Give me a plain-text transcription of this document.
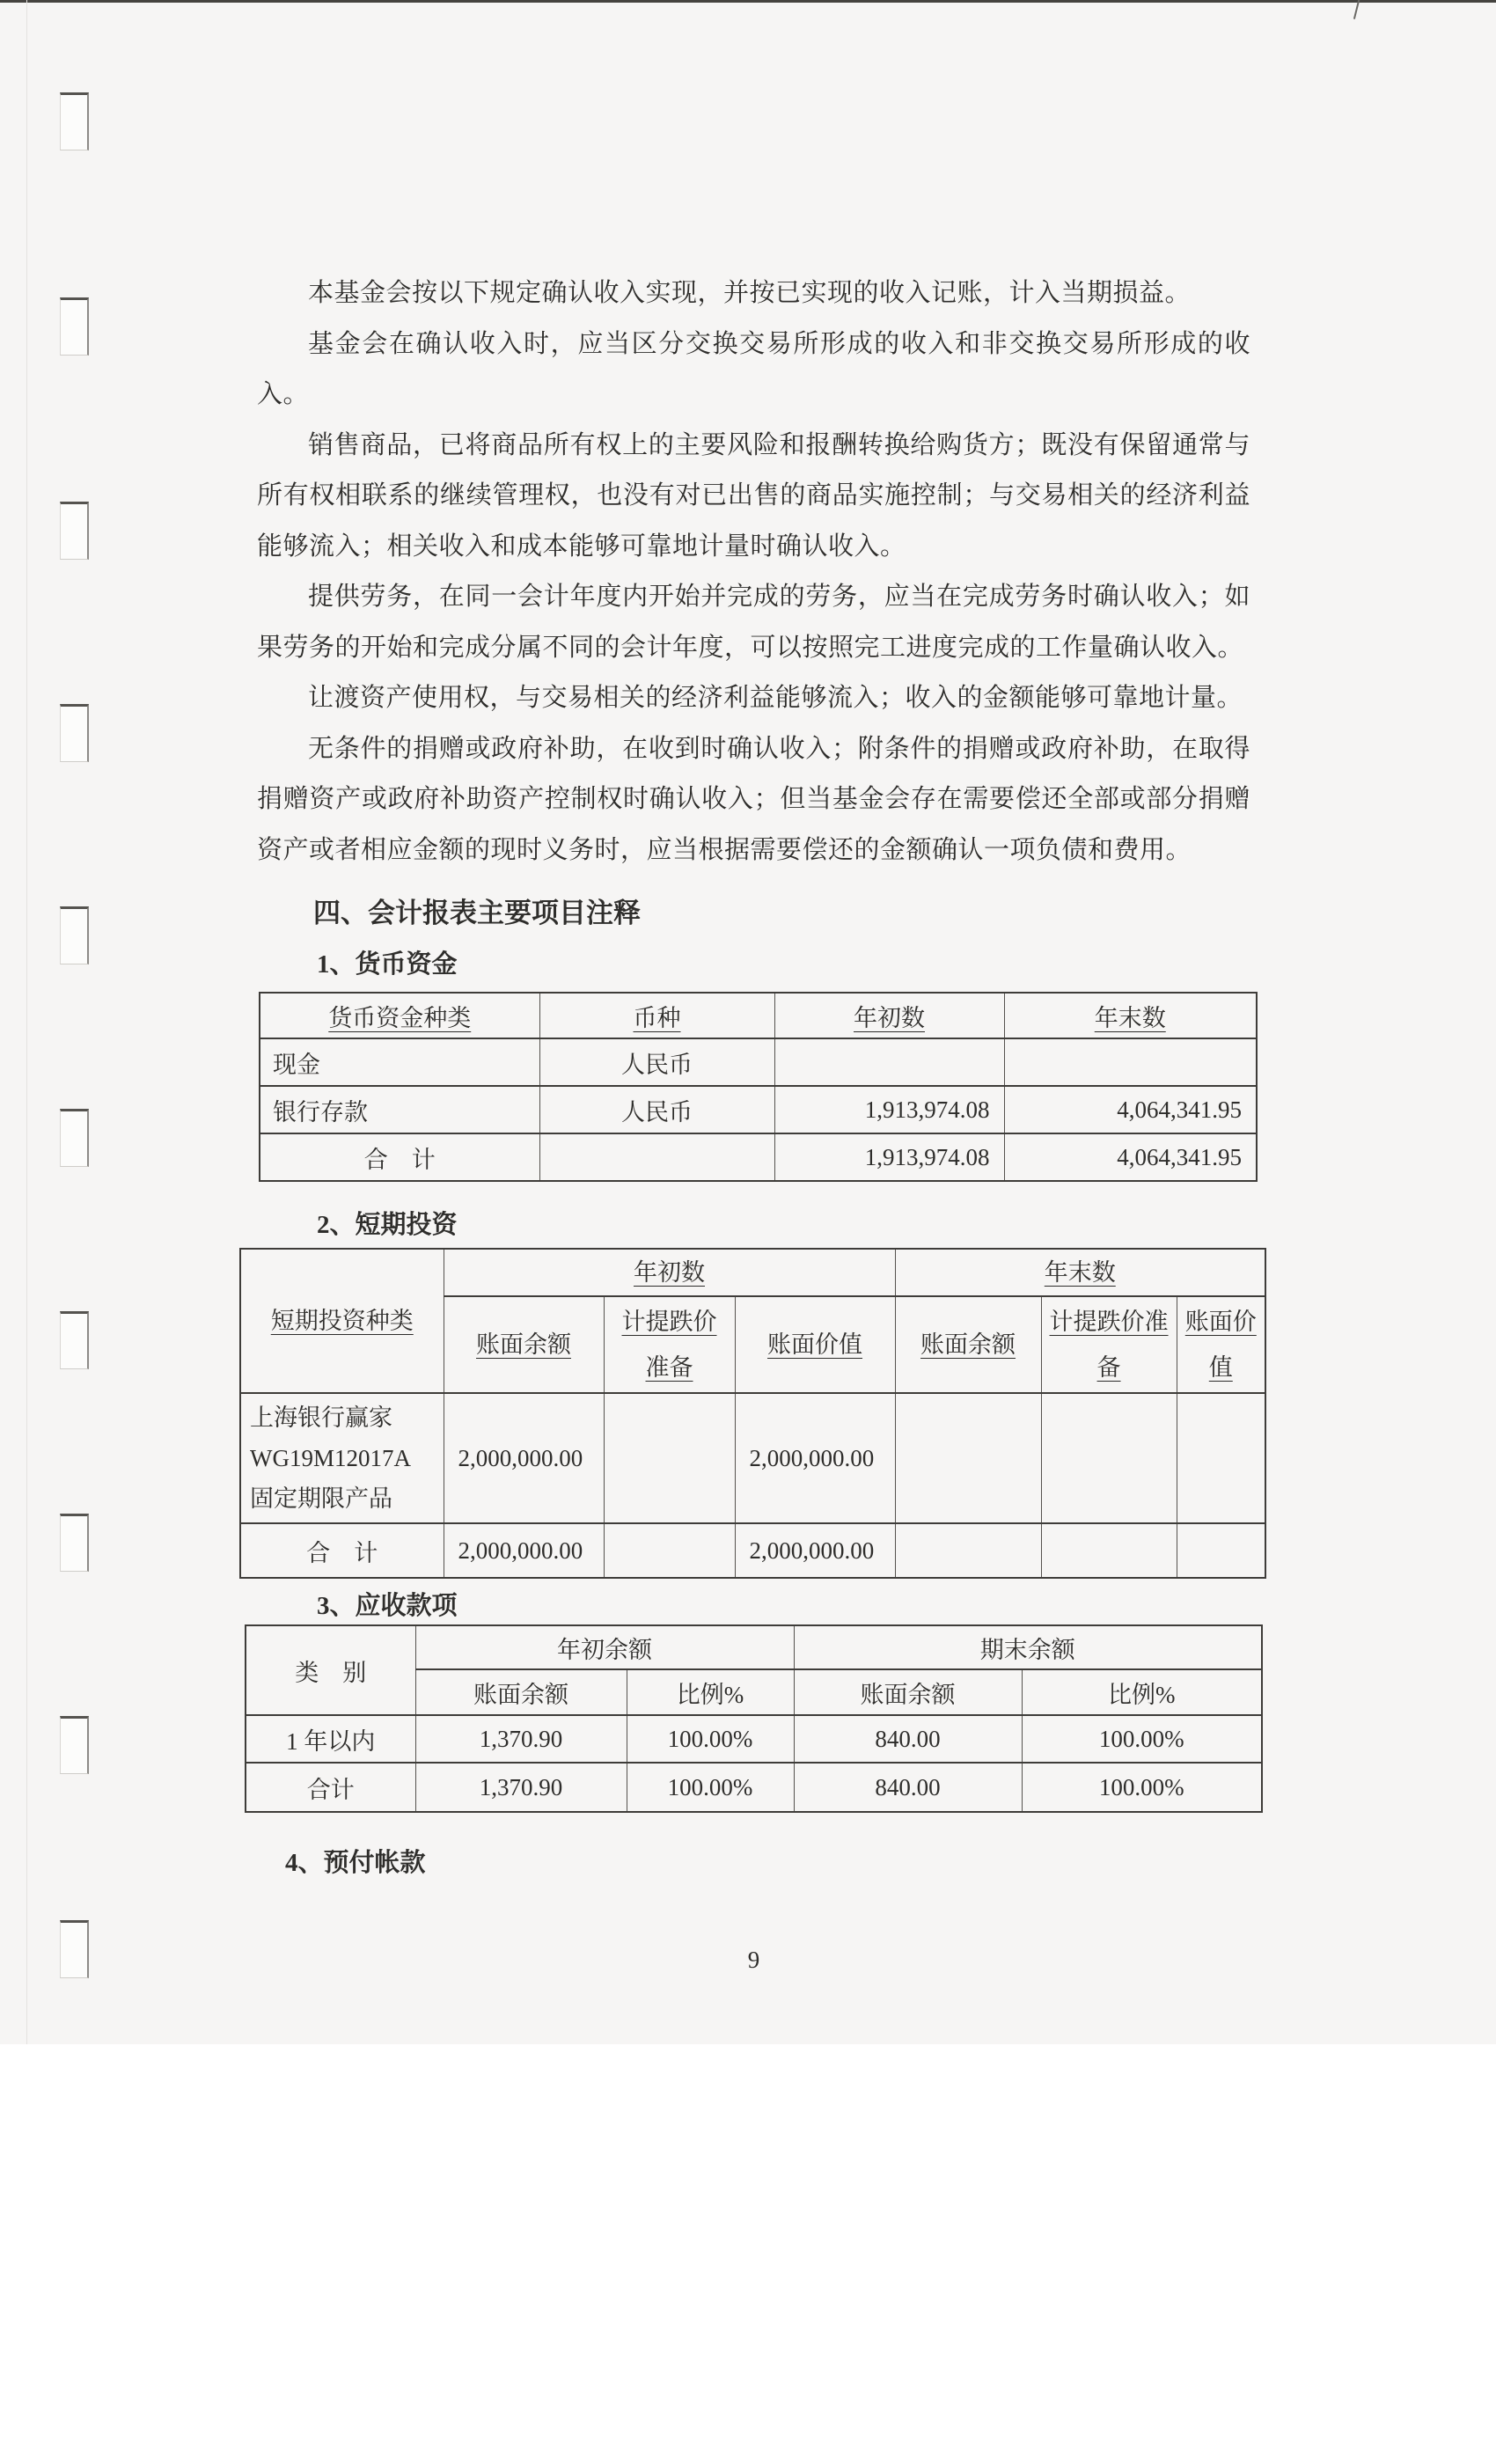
本基金会按以下规定确认收入实现，并按已实现的收入记账，计入当期损益。

基金会在确认收入时，应当区分交换交易所形成的收入和非交换交易所形成的收入。

销售商品，已将商品所有权上的主要风险和报酬转换给购货方；既没有保留通常与所有权相联系的继续管理权，也没有对已出售的商品实施控制；与交易相关的经济利益能够流入；相关收入和成本能够可靠地计量时确认收入。

提供劳务，在同一会计年度内开始并完成的劳务，应当在完成劳务时确认收入；如果劳务的开始和完成分属不同的会计年度，可以按照完工进度完成的工作量确认收入。

让渡资产使用权，与交易相关的经济利益能够流入；收入的金额能够可靠地计量。

无条件的捐赠或政府补助，在收到时确认收入；附条件的捐赠或政府补助，在取得捐赠资产或政府补助资产控制权时确认收入；但当基金会存在需要偿还全部或部分捐赠资产或者相应金额的现时义务时，应当根据需要偿还的金额确认一项负债和费用。

四、会计报表主要项目注释
1、货币资金
货币资金种类	币种	年初数	年末数
现金	人民币		
银行存款	人民币	1,913,974.08	4,064,341.95
合　计		1,913,974.08	4,064,341.95
2、短期投资
短期投资种类	年初数			年末数		
	账面余额	计提跌价准备	账面价值	账面余额	计提跌价准备	账面价值
上海银行赢家WG19M12017A 固定期限产品	2,000,000.00		2,000,000.00			
合　计	2,000,000.00		2,000,000.00			
3、应收款项
类　别	年初余额		期末余额	
	账面余额	比例%	账面余额	比例%
1 年以内	1,370.90	100.00%	840.00	100.00%
合计	1,370.90	100.00%	840.00	100.00%
4、预付帐款
9
